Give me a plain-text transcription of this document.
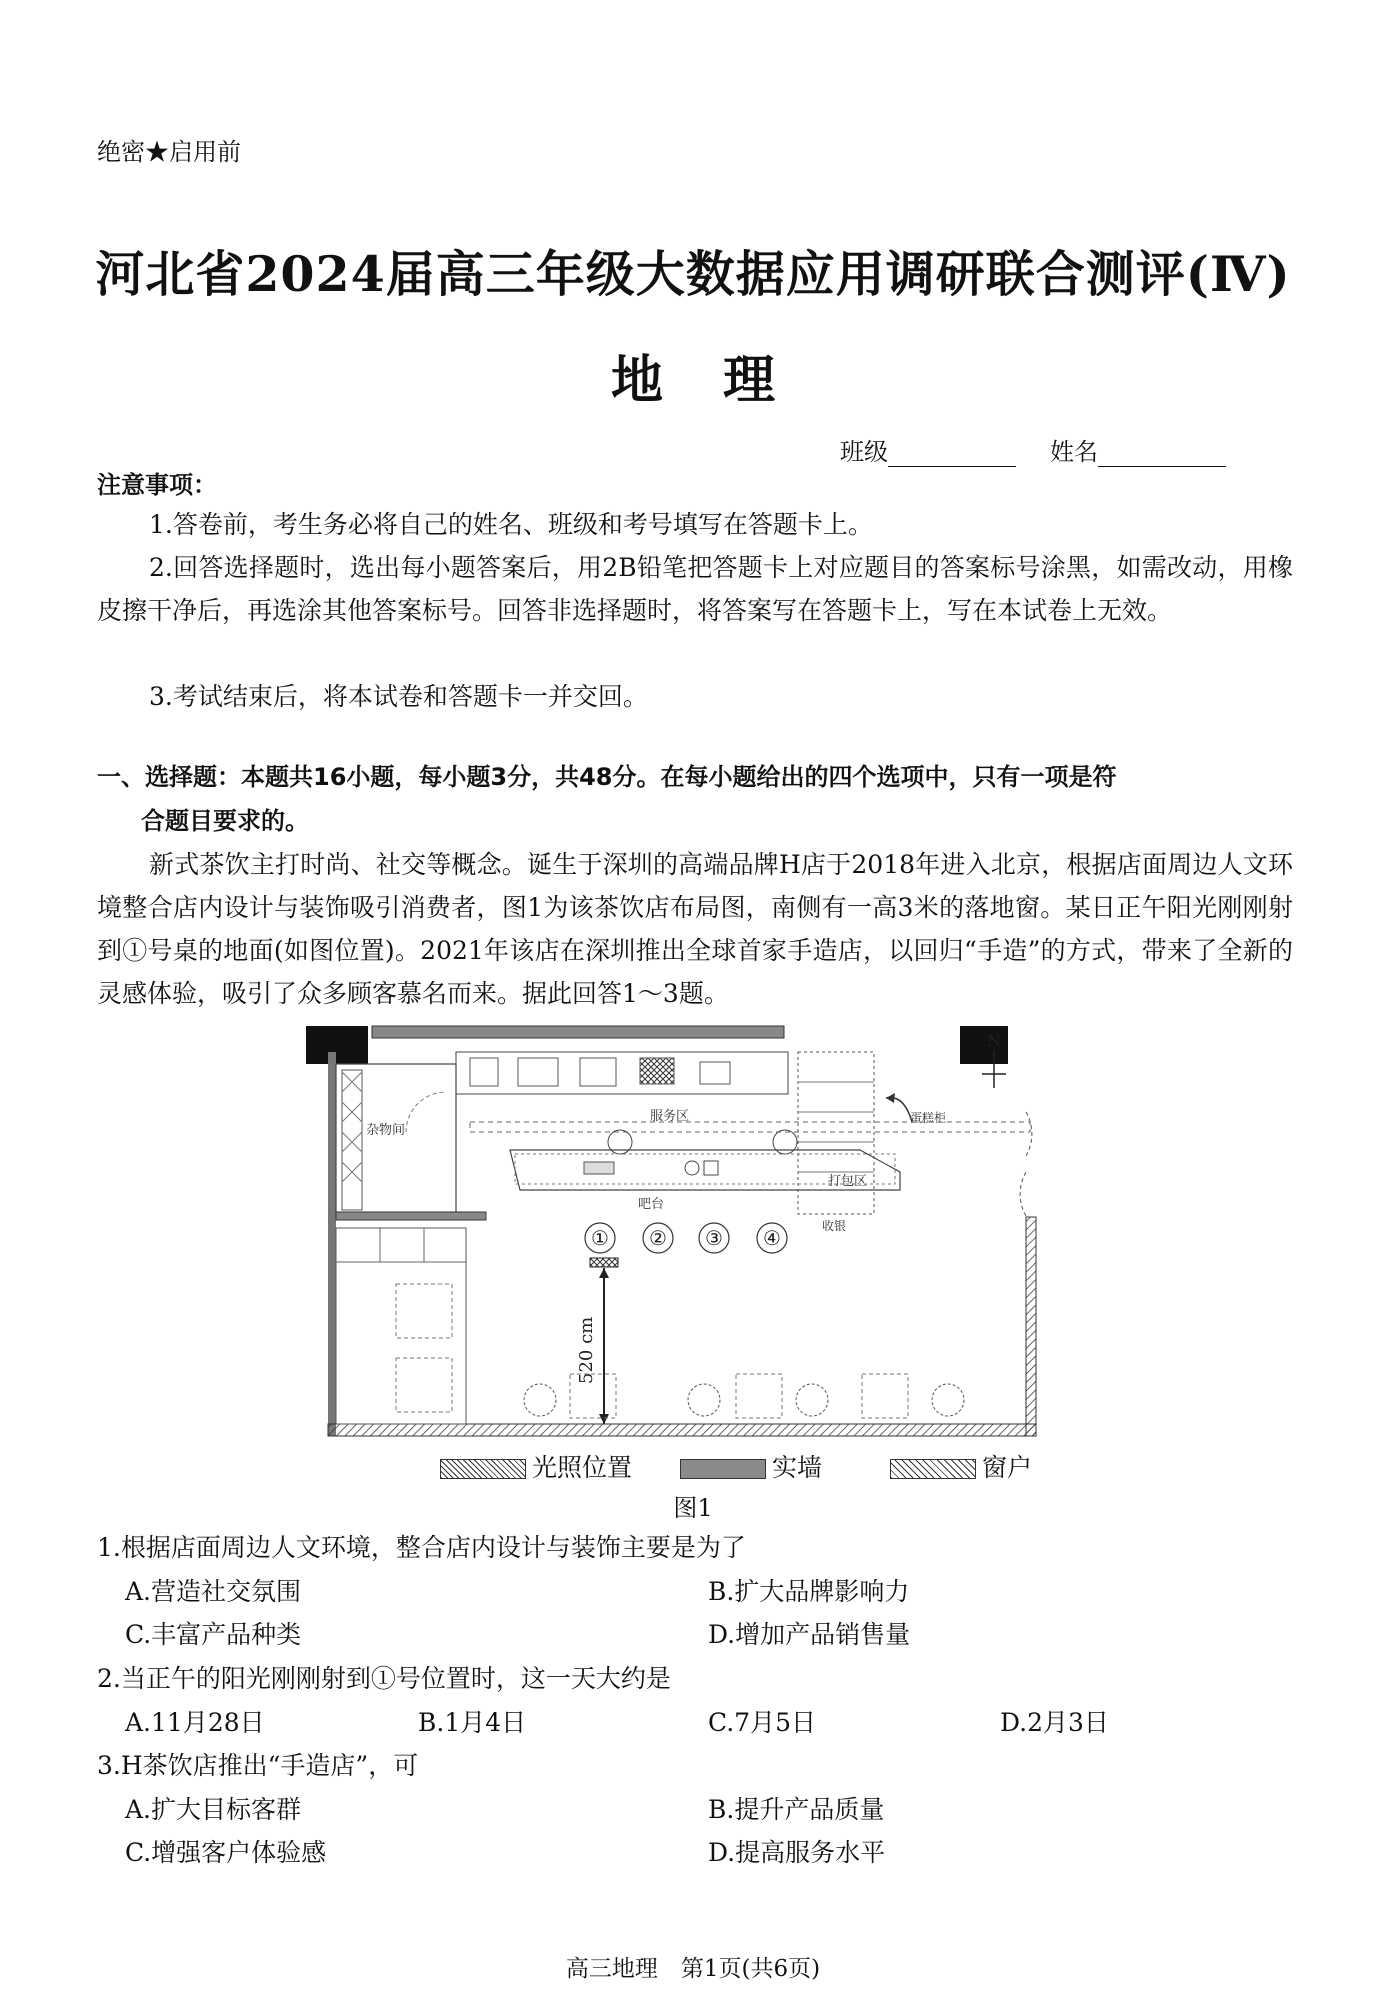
绝密★启用前
河北省2024届高三年级大数据应用调研联合测评(Ⅳ)
地理
班级	姓名
注意事项：
1.答卷前，考生务必将自己的姓名、班级和考号填写在答题卡上。
2.回答选择题时，选出每小题答案后，用2B铅笔把答题卡上对应题目的答案标号涂黑，如需改动，用橡皮擦干净后，再选涂其他答案标号。回答非选择题时，将答案写在答题卡上，写在本试卷上无效。
3.考试结束后，将本试卷和答题卡一并交回。
一、选择题：本题共16小题，每小题3分，共48分。在每小题给出的四个选项中，只有一项是符
合题目要求的。
新式茶饮主打时尚、社交等概念。诞生于深圳的高端品牌H店于2018年进入北京，根据店面周边人文环境整合店内设计与装饰吸引消费者，图1为该茶饮店布局图，南侧有一高3米的落地窗。某日正午阳光刚刚射到①号桌的地面(如图位置)。2021年该店在深圳推出全球首家手造店，以回归“手造”的方式，带来了全新的灵感体验，吸引了众多顾客慕名而来。据此回答1～3题。
杂物间
蛋糕柜
N
服务区
吧台
打包区
收银
① ② ③ ④
520 cm
光照位置	实墙	窗户
图1
1.根据店面周边人文环境，整合店内设计与装饰主要是为了
A.营造社交氛围	B.扩大品牌影响力
C.丰富产品种类	D.增加产品销售量
2.当正午的阳光刚刚射到①号位置时，这一天大约是
A.11月28日	B.1月4日	C.7月5日	D.2月3日
3.H茶饮店推出“手造店”，可
A.扩大目标客群	B.提升产品质量
C.增强客户体验感	D.提高服务水平
高三地理　第1页(共6页)
